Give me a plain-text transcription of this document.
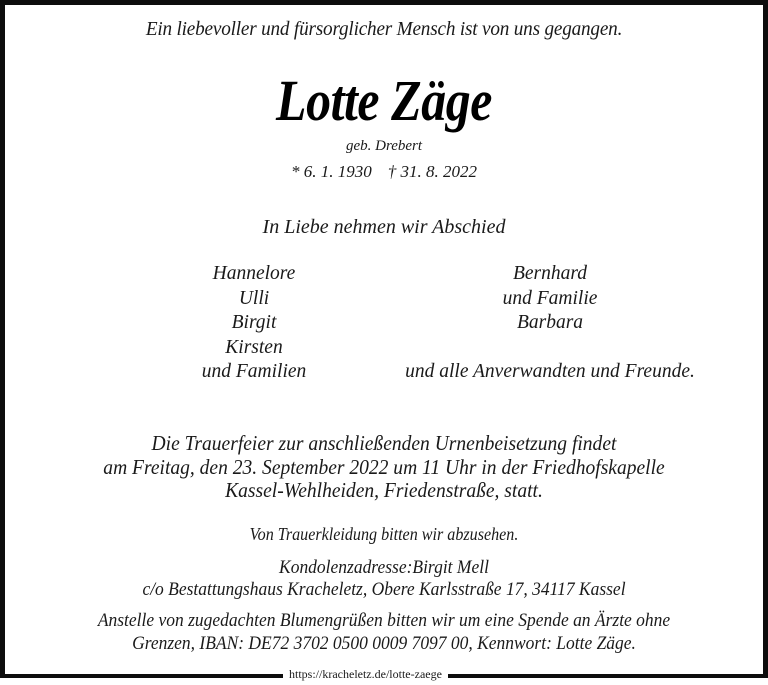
Ein liebevoller und fürsorglicher Mensch ist von uns gegangen.
Lotte Zäge
geb. Drebert
* 6. 1. 1930 † 31. 8. 2022
In Liebe nehmen wir Abschied
Hannelore
Ulli
Birgit
Kirsten
und Familien
Bernhard
und Familie
Barbara
und alle Anverwandten und Freunde.
Die Trauerfeier zur anschließenden Urnenbeisetzung findet
am Freitag, den 23. September 2022 um 11 Uhr in der Friedhofskapelle
Kassel-Wehlheiden, Friedenstraße, statt.
Von Trauerkleidung bitten wir abzusehen.
Kondolenzadresse:Birgit Mell
c/o Bestattungshaus Kracheletz, Obere Karlsstraße 17, 34117 Kassel
Anstelle von zugedachten Blumengrüßen bitten wir um eine Spende an Ärzte ohne
Grenzen, IBAN: DE72 3702 0500 0009 7097 00, Kennwort: Lotte Zäge.
https://kracheletz.de/lotte-zaege
